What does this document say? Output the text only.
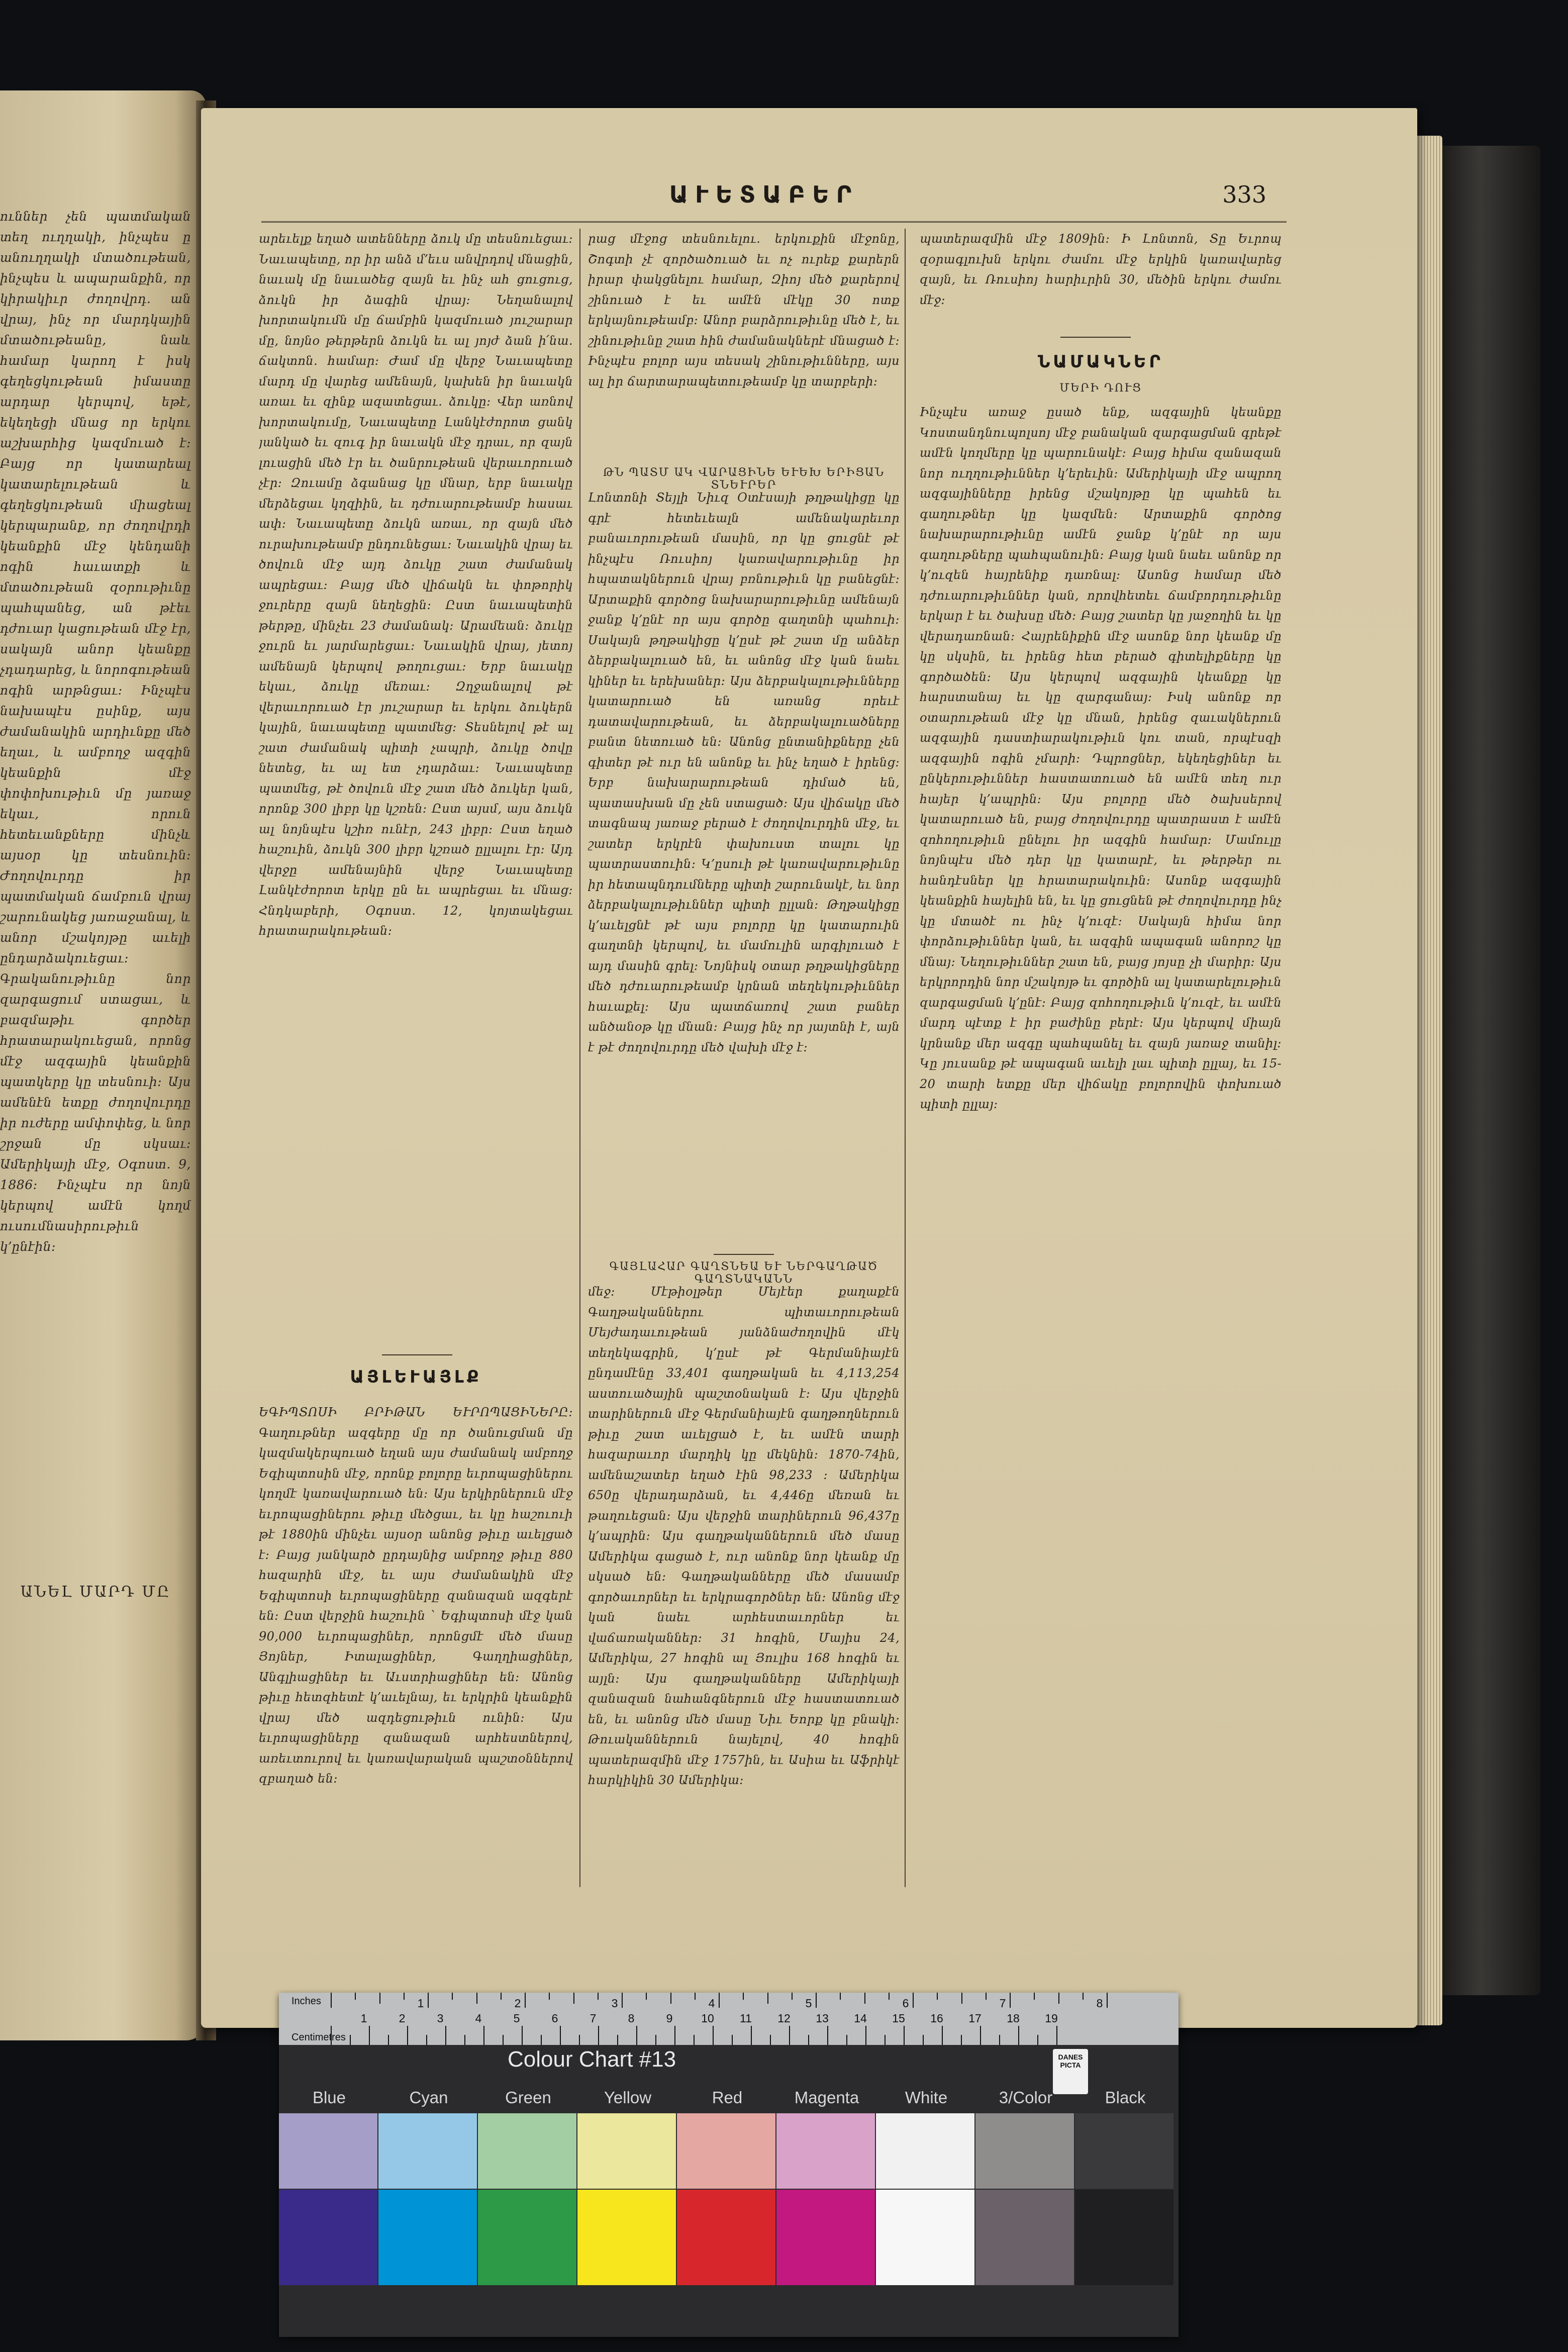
ուններ չեն պատմական տեղ ուղղակի, ինչպես ը անուղղակի մտածութեան, ինչպես և ապարանքին, որ կիրակիւր ժողովրդ․ ան վրայ, ինչ որ մարդկային մտածութեանը, նաև համար կարող է իսկ գեղեցկութեան իմաստը արդար կերպով, եթէ, եկեղեցի մնաց որ երկու աշխարհից կազմուած է։ Բայց որ կատարեալ կատարելութեան և գեղեցկութեան միացեալ կերպարանք, որ ժողովրդի կեանքին մէջ կենդանի ոգին հաւատքի և մտածութեան զօրութիւնը պահպանեց, ան թէեւ դժուար կացութեան մէջ էր, սակայն անոր կեանքը չդադարեց, և նորոգութեան ոգին արթնցաւ։ Ինչպէս նախապէս ըսինք, այս ժամանակին արդիւնքը մեծ եղաւ, և ամբողջ ազգին կեանքին մէջ փոփոխութիւն մը յառաջ եկաւ, որուն հետեւանքները մինչև այսօր կը տեսնուին։ Ժողովուրդը իր պատմական ճամբուն վրայ շարունակեց յառաջանալ, և անոր մշակոյթը աւելի ընդարձակուեցաւ։ Գրականութիւնը նոր զարգացում ստացաւ, և բազմաթիւ գործեր հրատարակուեցան, որոնց մէջ ազգային կեանքին պատկերը կը տեսնուի։ Այս ամենէն ետքը ժողովուրդը իր ուժերը ամփոփեց, և նոր շրջան մը սկսաւ։ Ամերիկայի մէջ, Օգոստ. 9, 1886։ Ինչպէս որ նոյն կերպով ամէն կողմ ուսումնասիրութիւն կ՚ընէին։
ԱՆԵԼ ՄԱՐԴ ՄԸ
ԱՒԵՏԱԲԵՐ	333
արեւելք եղած ատենները ձուկ մը տեսնուեցաւ։ Նաւապետը, որ իր անձ մ՚եւս անվրդով մնացին, նաւակ մը նաւածեց զայն եւ ինչ ահ ցուցուց, ձուկն իր ձագին վրայ։ Նեղանալով խորտակումն մը ճամբին կազմուած յուշարար մը, նոյնօ թերթերն ձուկն եւ ալ յոյժ ձան ի՛նա. ճակտոն. համար։ Ժամ մը վերջ Նաւապետը մարդ մը վարեց ամենայն, կախեն իր նաւակն առաւ եւ զինք ազատեցաւ. ձուկը։ Վեր առնով խորտակումը, Նաւապետը Լանկէժորոտ ցանկ յանկած եւ զուգ իր նաւակն մէջ դրաւ, որ զայն լուացին մեծ էր եւ ծանրութեան վերաւորուած չէր։ Զուամը ձգանաց կը մնար, երբ նաւակը մերձեցաւ կղզիին, եւ դժուարութեամբ հասաւ ափ։ Նաւապետը ձուկն առաւ, որ զայն մեծ ուրախութեամբ ընդունեցաւ։ Նաւակին վրայ եւ ծովուն մէջ այդ ձուկը շատ ժամանակ ապրեցաւ։ Բայց մեծ վիճակն եւ փոթորիկ ջուրերը զայն նեղեցին։ Ըստ նաւապետին թերթը, մինչեւ 23 ժամանակ։ Արամեան։ ձուկը ջուրն եւ յարմարեցաւ։ Նաւակին վրայ, յետոյ ամենայն կերպով թողուցաւ։ Երբ նաւակը եկաւ, ձուկը մեռաւ։ Զղջանալով թէ վերաւորուած էր յուշարար եւ երկու ձուկերն կային, նաւապետը պատմեց։ Տեսնելով թէ ալ շատ ժամանակ պիտի չապրի, ձուկը ծովը նետեց, եւ ալ ետ չդարձաւ։ Նաւապետը պատմեց, թէ ծովուն մէջ շատ մեծ ձուկեր կան, որոնք 300 լիբր կը կշռեն։ Ըստ այսմ, այս ձուկն ալ նոյնպէս կշիռ ունէր, 243 լիբր։ Ըստ եղած հաշուին, ձուկն 300 լիբր կշռած ըլլալու էր։ Այդ վերջը ամենայնին վերջ Նաւապետը Լանկէժորոտ երկը ըն եւ ապրեցաւ եւ մնաց։ Հնդկաբերի, Օգոստ. 12, կոյտակեցաւ հրատարակութեան։
ԱՅԼԵՒԱՅԼՔ
ԵԳԻՊՏՈՍԻ ԲՐԻԹԱՆ ԵՒՐՈՊԱՑԻՆԵՐԸ։ Գաղութներ ազգերը մը որ ծանուցման մը կազմակերպուած եղան այս ժամանակ ամբողջ Եգիպտոսին մէջ, որոնք բոլորը եւրոպացիներու կողմէ կառավարուած են։ Այս երկիրներուն մէջ եւրոպացիներու թիւը մեծցաւ, եւ կը հաշուուի թէ 1880ին մինչեւ այսօր անոնց թիւը աւելցած է։ Բայց յանկարծ ըրդայնից ամբողջ թիւը 880 հազարին մէջ, եւ այս ժամանակին մէջ Եգիպտոսի եւրոպացիները զանազան ազգերէ են։ Ըստ վերջին հաշուին ՝ Եգիպտոսի մէջ կան 90,000 եւրոպացիներ, որոնցմէ մեծ մասը Յոյներ, Իտալացիներ, Գաղղիացիներ, Անգլիացիներ եւ Աւստրիացիներ են։ Անոնց թիւը հետզհետէ կ՚աւելնայ, եւ երկրին կեանքին վրայ մեծ ազդեցութիւն ունին։ Այս եւրոպացիները զանազան արհեստներով, առեւտուրով եւ կառավարական պաշտօններով զբաղած են։
րաց մէջոց տեսնուելու. երկուքին մէջոնը, Շոգտի չէ զործածուած եւ ոչ ուրեք քարերն իրար փակցնելու համար, Զիոյ մեծ քարերով շինուած է եւ ամէն մէկը 30 ոտք երկայնութեամբ։ Անոր բարձրութիւնը մեծ է, եւ շինութիւնը շատ հին ժամանակներէ մնացած է։ Ինչպէս բոլոր այս տեսակ շինութիւնները, այս ալ իր ճարտարապետութեամբ կը տարբերի։
ԹՆ ՊԱՏՄ ԱԿ ՎԱՐԱՑԻՆԵ ԵՒԵԽ ԵՐԻՑԱՆ ՏՆԵՒՐԵՐ
Լոնտոնի Տեյլի Նիւզ Օտէսայի թղթակիցը կը գրէ հետեւեալն ամենակարեւոր բանաւորութեան մասին, որ կը ցուցնէ թէ ինչպէս Ռուսիոյ կառավարութիւնը իր հպատակներուն վրայ բռնութիւն կը բանեցնէ։ Արտաքին գործոց նախարարութիւնը ամենայն ջանք կ՚ընէ որ այս գործը գաղտնի պահուի։ Սակայն թղթակիցը կ՚ըսէ թէ շատ մը անձեր ձերբակալուած են, եւ անոնց մէջ կան նաեւ կիներ եւ երեխաներ։ Այս ձերբակալութիւնները կատարուած են առանց որեւէ դատավարութեան, եւ ձերբակալուածները բանտ նետուած են։ Անոնց ընտանիքները չեն գիտեր թէ ուր են անոնք եւ ինչ եղած է իրենց։ Երբ նախարարութեան դիմած են, պատասխան մը չեն ստացած։ Այս վիճակը մեծ տագնապ յառաջ բերած է ժողովուրդին մէջ, եւ շատեր երկրէն փախուստ տալու կը պատրաստուին։ Կ՚ըսուի թէ կառավարութիւնը իր հետապնդումները պիտի շարունակէ, եւ նոր ձերբակալութիւններ պիտի ըլլան։ Թղթակիցը կ՚աւելցնէ թէ այս բոլորը կը կատարուին գաղտնի կերպով, եւ մամուլին արգիլուած է այդ մասին գրել։ Նոյնիսկ օտար թղթակիցները մեծ դժուարութեամբ կրնան տեղեկութիւններ հաւաքել։ Այս պատճառով շատ բաներ անծանօթ կը մնան։ Բայց ինչ որ յայտնի է, այն է թէ ժողովուրդը մեծ վախի մէջ է։
ԳԱՅԼԱՀԱՐ ԳԱՂՏՆԵԱ ԵՒ ՆԵՐԳԱՂԹԱԾ ԳԱՂՏՆԱԿԱՆՆ
մեջ։ Մէթիօլթեր Մեյէեր քաղաքէն Գաղթականներու պիտաւորութեան Մեյժադաւութեան յանձնաժողովին մէկ տեղեկագրին, կ՚ըսէ թէ Գերմանիայէն ընդամէնը 33,401 գաղթական եւ 4,113,254 աստուածային պաշտօնական է։ Այս վերջին տարիներուն մէջ Գերմանիայէն գաղթողներուն թիւը շատ աւելցած է, եւ ամէն տարի հազարաւոր մարդիկ կը մեկնին։ 1870-74ին, ամենաշատեր եղած էին 98,233 ։ Ամերիկա 650ը վերադարձան, եւ 4,446ը մեռան եւ թաղուեցան։ Այս վերջին տարիներուն 96,437ը կ՚ապրին։ Այս գաղթականներուն մեծ մասը Ամերիկա գացած է, ուր անոնք նոր կեանք մը սկսած են։ Գաղթականները մեծ մասամբ գործաւորներ եւ երկրագործներ են։ Անոնց մէջ կան նաեւ արհեստաւորներ եւ վաճառականներ։ 31 հոգին, Մայիս 24, Ամերիկա, 27 հոգին ալ Յուլիս 168 հոգին եւ այլն։ Այս գաղթականները Ամերիկայի զանազան նահանգներուն մէջ հաստատուած են, եւ անոնց մեծ մասը Նիւ Եորք կը բնակի։ Թուականներուն նայելով, 40 հոգին պատերազմին մէջ 1757ին, եւ Ասիա եւ Աֆրիկէ հարկիկին 30 Ամերիկա։
պատերազմին մէջ 1809ին։ Ի Լոնտոն, Տը Եւրոպ զօրագլուխն երկու ժամու մէջ երկին կառավարեց զայն, եւ Ռուսիոյ հարիւրին 30, մեծին երկու ժամու մէջ։
ՆԱՄԱԿՆԵՐ
ՄԵՐԻ ԴՈՒՑ
Ինչպէս առաջ ըսած ենք, ազգային կեանքը Կոստանդնուպոլսոյ մէջ բանական զարգացման գրեթէ ամէն կողմերը կը պարունակէ։ Բայց հիմա զանազան նոր ուղղութիւններ կ՚երեւին։ Ամերիկայի մէջ ապրող ազգայինները իրենց մշակոյթը կը պահեն եւ գաղութներ կը կազմեն։ Արտաքին գործոց նախարարութիւնը ամէն ջանք կ՚ընէ որ այս գաղութները պահպանուին։ Բայց կան նաեւ անոնք որ կ՚ուզեն հայրենիք դառնալ։ Ասոնց համար մեծ դժուարութիւններ կան, որովհետեւ ճամբորդութիւնը երկար է եւ ծախսը մեծ։ Բայց շատեր կը յաջողին եւ կը վերադառնան։ Հայրենիքին մէջ ասոնք նոր կեանք մը կը սկսին, եւ իրենց հետ բերած գիտելիքները կը գործածեն։ Այս կերպով ազգային կեանքը կը հարստանայ եւ կը զարգանայ։ Իսկ անոնք որ օտարութեան մէջ կը մնան, իրենց զաւակներուն ազգային դաստիարակութիւն կու տան, որպէսզի ազգային ոգին չմարի։ Դպրոցներ, եկեղեցիներ եւ ընկերութիւններ հաստատուած են ամէն տեղ ուր հայեր կ՚ապրին։ Այս բոլորը մեծ ծախսերով կատարուած են, բայց ժողովուրդը պատրաստ է ամէն զոհողութիւն ընելու իր ազգին համար։ Մամուլը նոյնպէս մեծ դեր կը կատարէ, եւ թերթեր ու հանդէսներ կը հրատարակուին։ Ասոնք ազգային կեանքին հայելին են, եւ կը ցուցնեն թէ ժողովուրդը ինչ կը մտածէ ու ինչ կ՚ուզէ։ Սակայն հիմա նոր փորձութիւններ կան, եւ ազգին ապագան անորոշ կը մնայ։ Նեղութիւններ շատ են, բայց յոյսը չի մարիր։ Այս երկրորդին նոր մշակոյթ եւ գործին ալ կատարելութիւն զարգացման կ՚ընէ։ Բայց զոհողութիւն կ՚ուզէ, եւ ամէն մարդ պէտք է իր բաժինը բերէ։ Այս կերպով միայն կրնանք մեր ազգը պահպանել եւ զայն յառաջ տանիլ։ Կը յուսանք թէ ապագան աւելի լաւ պիտի ըլլայ, եւ 15-20 տարի ետքը մեր վիճակը բոլորովին փոխուած պիտի ըլլայ։
Inches
Centimetres
1	2	3	4	5	6	7	8
1	2	3	4	5	6	7	8	9 10 11 12 13 14 15 16 17 18 19
Colour Chart #13	DANES PICTA
Blue	Cyan	Green	Yellow	Red	Magenta	White	3/Color	Black
